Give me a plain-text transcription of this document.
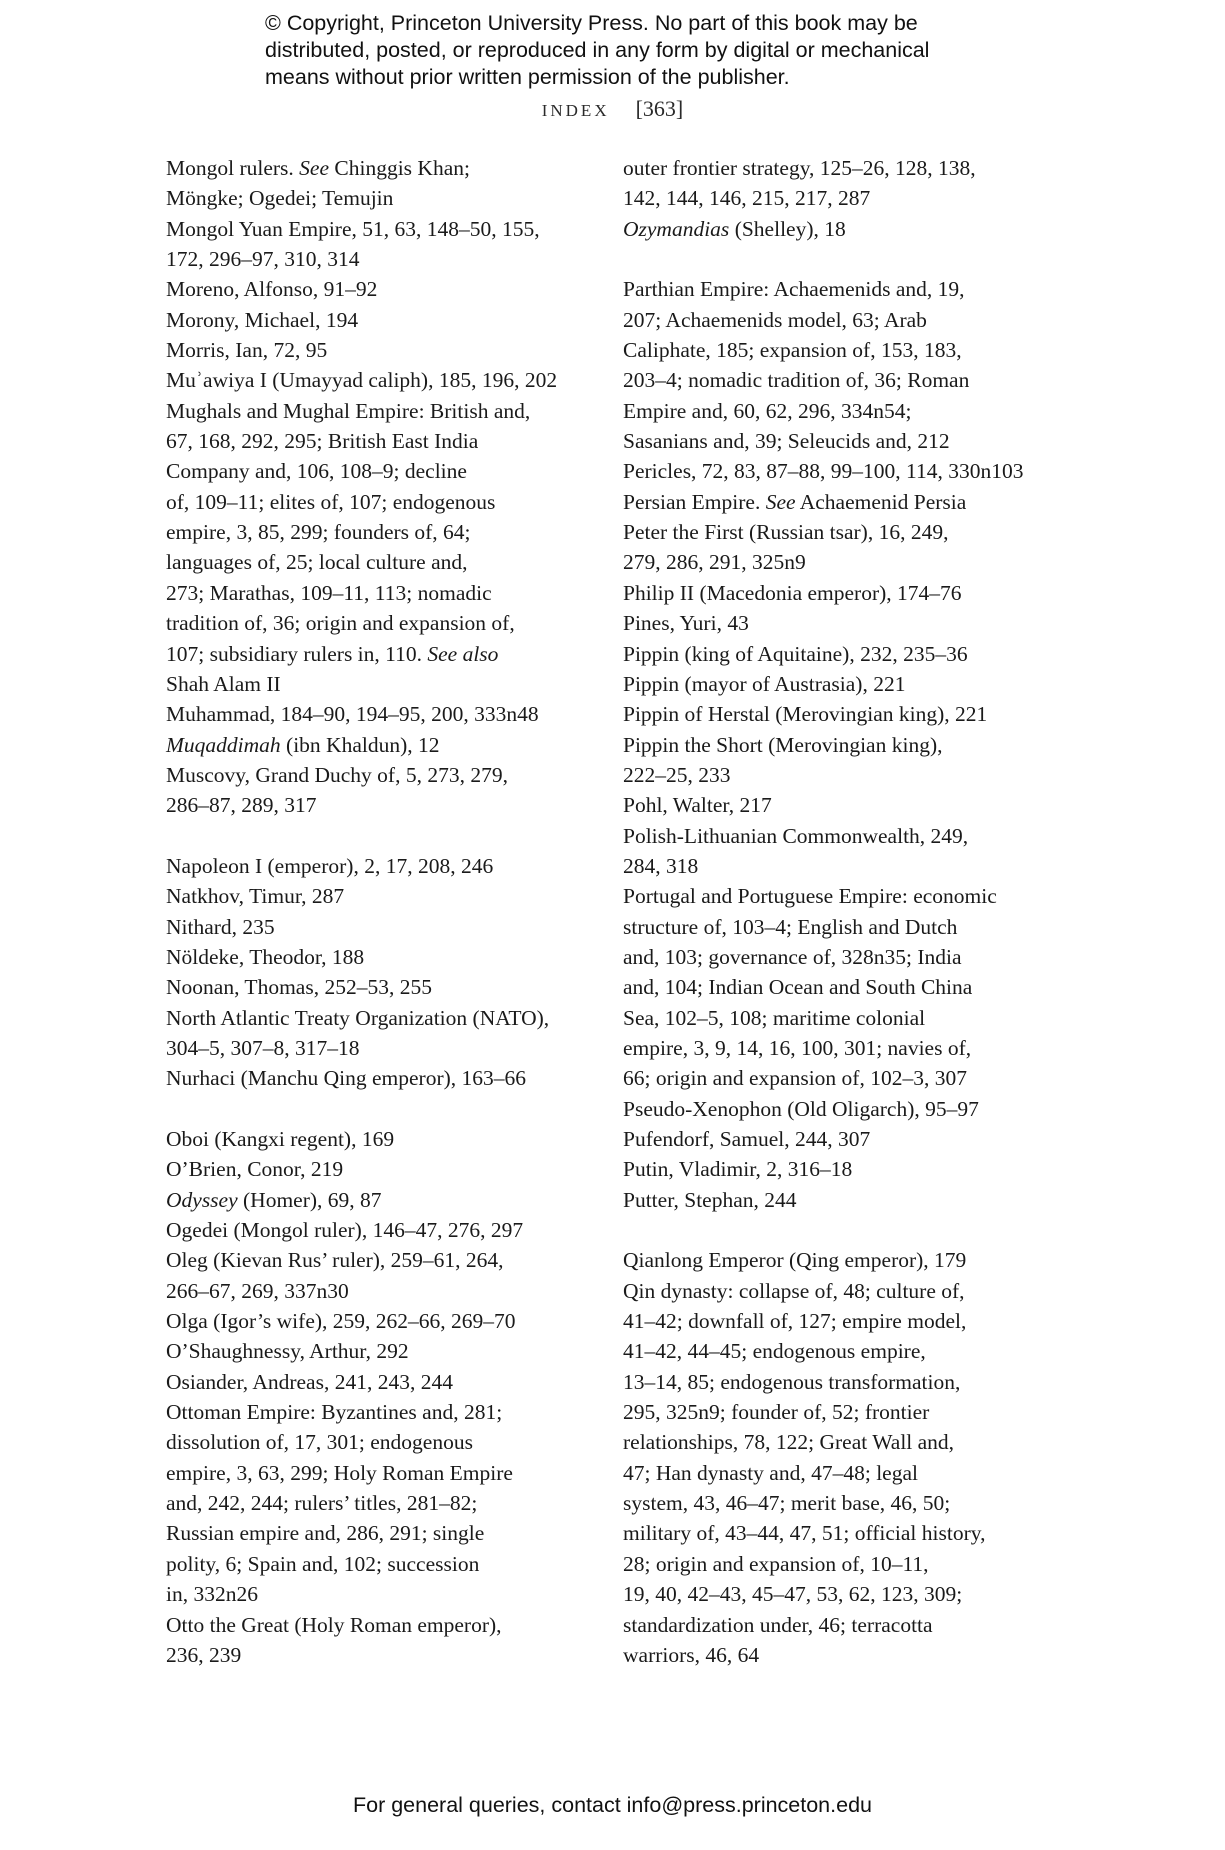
© Copyright, Princeton University Press. No part of this book may be
distributed, posted, or reproduced in any form by digital or mechanical
means without prior written permission of the publisher.
INDEX [363]
Mongol rulers. See Chinggis Khan;
Möngke; Ogedei; Temujin
Mongol Yuan Empire, 51, 63, 148–50, 155,
172, 296–97, 310, 314
Moreno, Alfonso, 91–92
Morony, Michael, 194
Morris, Ian, 72, 95
Muʾawiya I (Umayyad caliph), 185, 196, 202
Mughals and Mughal Empire: British and,
67, 168, 292, 295; British East India
Company and, 106, 108–9; decline
of, 109–11; elites of, 107; endogenous
empire, 3, 85, 299; founders of, 64;
languages of, 25; local culture and,
273; Marathas, 109–11, 113; nomadic
tradition of, 36; origin and expansion of,
107; subsidiary rulers in, 110. See also
Shah Alam II
Muhammad, 184–90, 194–95, 200, 333n48
Muqaddimah (ibn Khaldun), 12
Muscovy, Grand Duchy of, 5, 273, 279,
286–87, 289, 317
Napoleon I (emperor), 2, 17, 208, 246
Natkhov, Timur, 287
Nithard, 235
Nöldeke, Theodor, 188
Noonan, Thomas, 252–53, 255
North Atlantic Treaty Organization (NATO),
304–5, 307–8, 317–18
Nurhaci (Manchu Qing emperor), 163–66
Oboi (Kangxi regent), 169
O’Brien, Conor, 219
Odyssey (Homer), 69, 87
Ogedei (Mongol ruler), 146–47, 276, 297
Oleg (Kievan Rus’ ruler), 259–61, 264,
266–67, 269, 337n30
Olga (Igor’s wife), 259, 262–66, 269–70
O’Shaughnessy, Arthur, 292
Osiander, Andreas, 241, 243, 244
Ottoman Empire: Byzantines and, 281;
dissolution of, 17, 301; endogenous
empire, 3, 63, 299; Holy Roman Empire
and, 242, 244; rulers’ titles, 281–82;
Russian empire and, 286, 291; single
polity, 6; Spain and, 102; succession
in, 332n26
Otto the Great (Holy Roman emperor),
236, 239
outer frontier strategy, 125–26, 128, 138,
142, 144, 146, 215, 217, 287
Ozymandias (Shelley), 18
Parthian Empire: Achaemenids and, 19,
207; Achaemenids model, 63; Arab
Caliphate, 185; expansion of, 153, 183,
203–4; nomadic tradition of, 36; Roman
Empire and, 60, 62, 296, 334n54;
Sasanians and, 39; Seleucids and, 212
Pericles, 72, 83, 87–88, 99–100, 114, 330n103
Persian Empire. See Achaemenid Persia
Peter the First (Russian tsar), 16, 249,
279, 286, 291, 325n9
Philip II (Macedonia emperor), 174–76
Pines, Yuri, 43
Pippin (king of Aquitaine), 232, 235–36
Pippin (mayor of Austrasia), 221
Pippin of Herstal (Merovingian king), 221
Pippin the Short (Merovingian king),
222–25, 233
Pohl, Walter, 217
Polish-Lithuanian Commonwealth, 249,
284, 318
Portugal and Portuguese Empire: economic
structure of, 103–4; English and Dutch
and, 103; governance of, 328n35; India
and, 104; Indian Ocean and South China
Sea, 102–5, 108; maritime colonial
empire, 3, 9, 14, 16, 100, 301; navies of,
66; origin and expansion of, 102–3, 307
Pseudo-Xenophon (Old Oligarch), 95–97
Pufendorf, Samuel, 244, 307
Putin, Vladimir, 2, 316–18
Putter, Stephan, 244
Qianlong Emperor (Qing emperor), 179
Qin dynasty: collapse of, 48; culture of,
41–42; downfall of, 127; empire model,
41–42, 44–45; endogenous empire,
13–14, 85; endogenous transformation,
295, 325n9; founder of, 52; frontier
relationships, 78, 122; Great Wall and,
47; Han dynasty and, 47–48; legal
system, 43, 46–47; merit base, 46, 50;
military of, 43–44, 47, 51; official history,
28; origin and expansion of, 10–11,
19, 40, 42–43, 45–47, 53, 62, 123, 309;
standardization under, 46; terracotta
warriors, 46, 64
For general queries, contact info@press.princeton.edu
